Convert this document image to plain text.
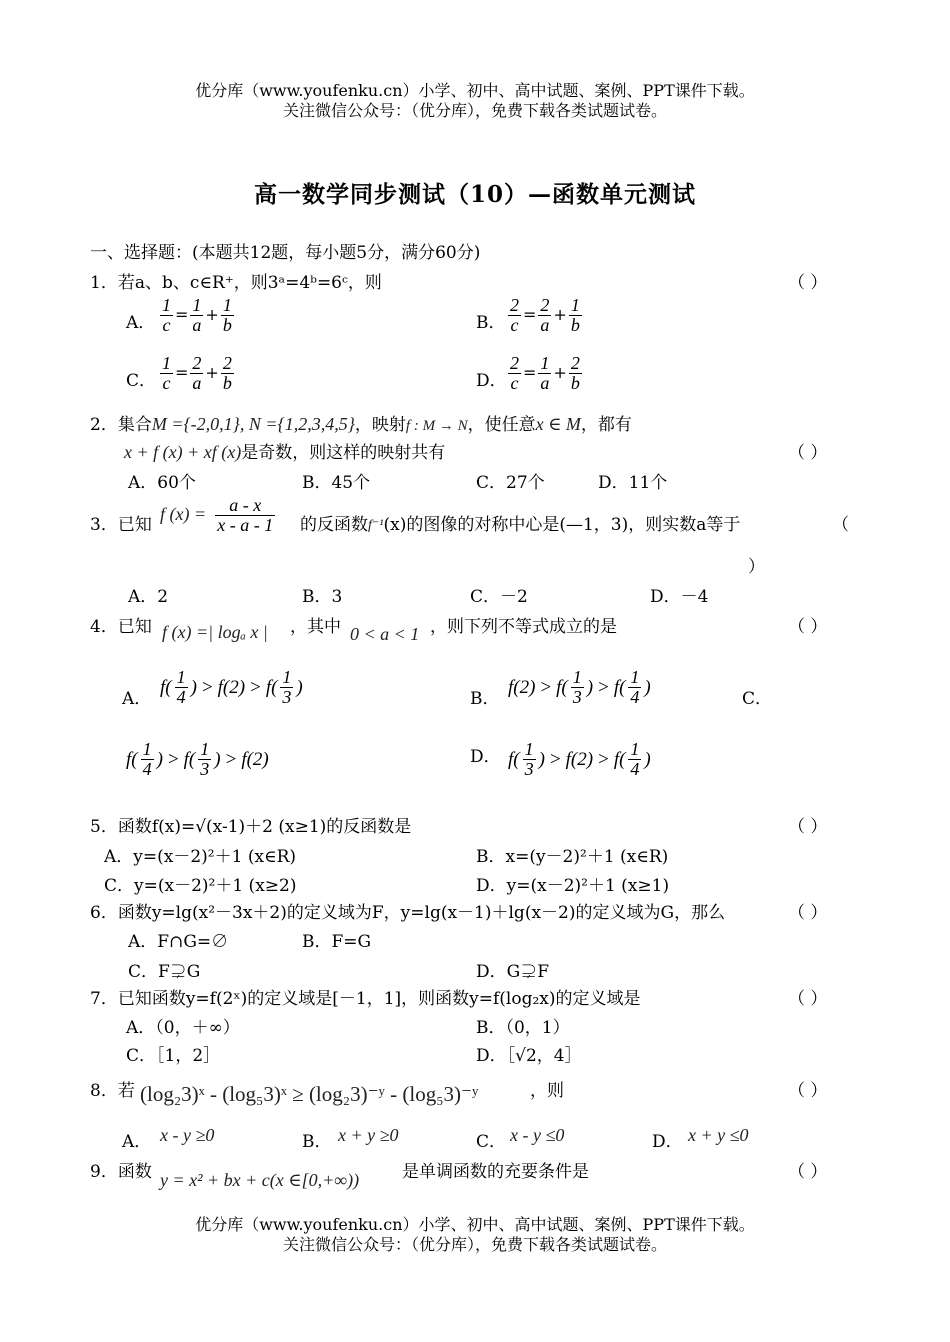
优分库（www.youfenku.cn）小学、初中、高中试题、案例、PPT课件下载。
关注微信公众号：（优分库），免费下载各类试题试卷。
高一数学同步测试（10）—函数单元测试
一、选择题：(本题共12题，每小题5分，满分60分)
1．若a、b、c∈R⁺，则3ᵃ=4ᵇ=6ᶜ，则	（ ）
A． $\frac{1}{c} = \frac{1}{a} + \frac{1}{b}$	B． $\frac{2}{c} = \frac{2}{a} + \frac{1}{b}$
C． $\frac{1}{c} = \frac{2}{a} + \frac{2}{b}$	D． $\frac{2}{c} = \frac{1}{a} + \frac{2}{b}$
2．集合M ={-2,0,1}, N ={1,2,3,4,5}，映射f : M → N，使任意x ∈ M，都有
x + f (x) + xf (x)是奇数，则这样的映射共有	（ ）
A．60个	B．45个	C．27个	D．11个
3．已知
f $(x) = \frac{a - x}{x - a - 1}$ 的反函数f⁻¹(x)的图像的对称中心是(—1，3)，则实数a等于	（
）
A．2	B．3	C．－2	D．－4
4．已知 f (x) =| logₐ x | ，其中 0 < a < 1 ，则下列不等式成立的是	（ ）
A．
$f( \frac{1}{4}$ ) > $f(2) > f( \frac{1}{3}$ )
B．
$f(2) > f( \frac{1}{3}$ ) > $f( \frac{1}{4}$ )
C．
$f( \frac{1}{4}$ ) > $f( \frac{1}{3}$ ) > f(2)	D． $f( \frac{1}{3}$ ) > $f(2) > f( \frac{1}{4}$ )
5．函数f(x)=√(x-1)＋2 (x≥1)的反函数是	（ ）
A．y=(x－2)²＋1 (x∈R)	B．x=(y－2)²＋1 (x∈R)
C．y=(x－2)²＋1 (x≥2)	D．y=(x－2)²＋1 (x≥1)
6．函数y=lg(x²－3x＋2)的定义域为F，y=lg(x－1)＋lg(x－2)的定义域为G，那么	（ ）
A．F∩G=∅	B．F=G
C．F⊋G	D．G⊋F
7．已知函数y=f(2ˣ)的定义域是[－1，1]，则函数y=f(log₂x)的定义域是	（ ）
A．（0，＋∞）	B．（0，1）
C．［1，2］	D．［√2，4］
8．若 (log₂3)ˣ - (log₅3)ˣ ≥ (log₂3)⁻ʸ - (log₅3)⁻ʸ	，则	（ ）
A． x - y ≥0	B． x + y ≥0	C． x - y ≤0	D． x + y ≤0
9．函数 y = x² + bx + c(x ∈[0,+∞))	是单调函数的充要条件是	（ ）
优分库（www.youfenku.cn）小学、初中、高中试题、案例、PPT课件下载。
关注微信公众号：（优分库），免费下载各类试题试卷。
